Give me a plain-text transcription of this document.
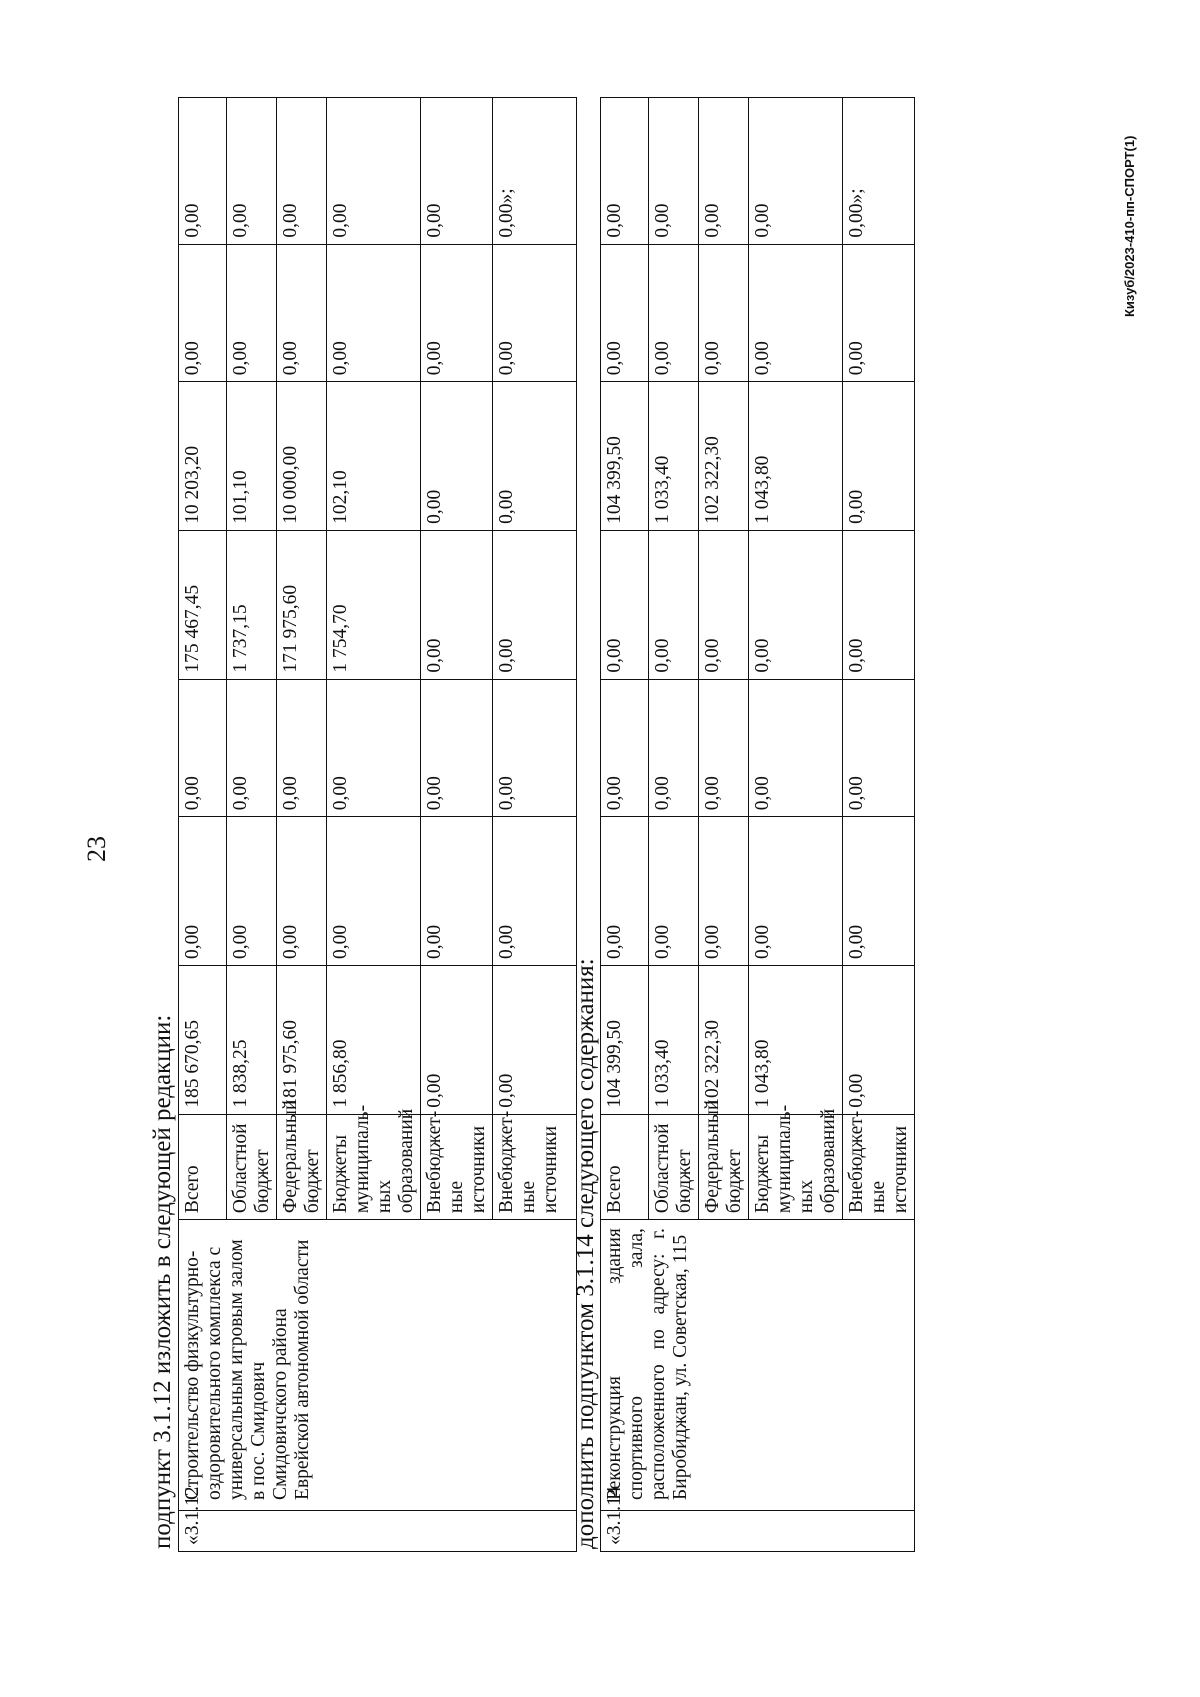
23
подпункт 3.1.12 изложить в следующей редакции: «3.1.12	Строительство физкультурно-оздоровительного комплекса с универсальным игровым залом в пос. Смидович Смидовичского района Еврейской автономной области	Всего	185 670,65	0,00	0,00	175 467,45	10 203,20	0,00	0,00
		Областной бюджет	1 838,25	0,00	0,00	1 737,15	101,10	0,00	0,00
		Федеральный бюджет	181 975,60	0,00	0,00	171 975,60	10 000,00	0,00	0,00
		Бюджеты муниципаль-ных образований	1 856,80	0,00	0,00	1 754,70	102,10	0,00	0,00
		Внебюджет-ные источники	0,00	0,00	0,00	0,00	0,00	0,00	0,00
		Внебюджет-ные источники	0,00	0,00	0,00	0,00	0,00	0,00	0,00»;
дополнить подпунктом 3.1.14 следующего содержания: «3.1.14	Реконструкция здания спортивного зала, расположенного по адресу: г. Биробиджан, ул. Советская, 115	Всего	104 399,50	0,00	0,00	0,00	104 399,50	0,00	0,00
		Областной бюджет	1 033,40	0,00	0,00	0,00	1 033,40	0,00	0,00
		Федеральный бюджет	102 322,30	0,00	0,00	0,00	102 322,30	0,00	0,00
		Бюджеты муниципаль-ных образований	1 043,80	0,00	0,00	0,00	1 043,80	0,00	0,00
		Внебюджет-ные источники	0,00	0,00	0,00	0,00	0,00	0,00	0,00»;	Кизуб/2023-410-пп-СПОРТ(1)
